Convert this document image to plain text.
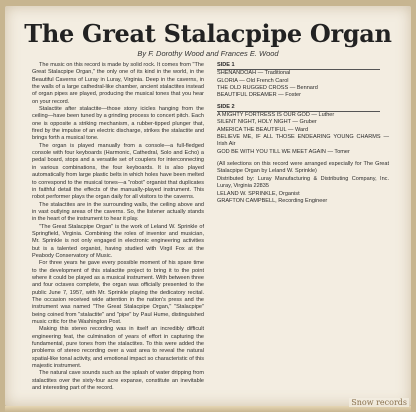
The Great Stalacpipe Organ
By F. Dorothy Wood and Frances E. Wood

The music on this record is made by solid rock. It comes from "The Great Stalacpipe Organ," the only one of its kind in the world, in the Beautiful Caverns of Luray in Luray, Virginia. Deep in the caverns, in the walls of a large cathedral-like chamber, ancient stalactites instead of organ pipes are played, producing the musical tones that you hear on your record.

Stalactite after stalactite—those stony icicles hanging from the ceiling—have been tuned by a grinding process to concert pitch. Each one is opposite a striking mechanism, a rubber-tipped plunger that, fired by the impulse of an electric discharge, strikes the stalactite and brings forth a musical tone.

The organ is played manually from a console—a full-fledged console with four keyboards (Harmonic, Cathedral, Solo and Echo) a pedal board, stops and a versatile set of couplers for interconnecting in various combinations, the four keyboards. It is also played automatically from large plastic belts in which holes have been melted to correspond to the musical tones—a "robot" organist that duplicates in faithful detail the effects of the manually-played instrument. This robot performer plays the organ daily for all visitors to the caverns.

The stalactites are in the surrounding walls, the ceiling above and in vast outlying areas of the caverns. So, the listener actually stands in the heart of the instrument to hear it play.

"The Great Stalacpipe Organ" is the work of Leland W. Sprinkle of Springfield, Virginia. Combining the roles of inventor and musician, Mr. Sprinkle is not only engaged in electronic engineering activities but is a talented organist, having studied with Virgil Fox at the Peabody Conservatory of Music.

For three years he gave every possible moment of his spare time to the development of this stalactite project to bring it to the point where it could be played as a musical instrument. With between three and four octaves complete, the organ was officially presented to the public June 7, 1957, with Mr. Sprinkle playing the dedicatory recital. The occasion received wide attention in the nation's press and the instrument was named "The Great Stalacpipe Organ," "Stalacpipe" being coined from "stalactite" and "pipe" by Paul Hume, distinguished music critic for the Washington Post.

Making this stereo recording was in itself an incredibly difficult engineering feat, the culmination of years of effort in capturing the fundamental, pure tones from the stalactites. To this were added the problems of stereo recording over a vast area to reveal the natural spatial-like tonal activity, and emotional impact so characteristic of this majestic instrument.

The natural cave sounds such as the splash of water dripping from stalactites over the sixty-four acre expanse, constitute an inevitable and interesting part of the record.

SIDE 1
SHENANDOAH — Traditional
GLORIA — Old French Carol
THE OLD RUGGED CROSS — Bennard
BEAUTIFUL DREAMER — Foster
SIDE 2
A MIGHTY FORTRESS IS OUR GOD — Luther
SILENT NIGHT, HOLY NIGHT — Gruber
AMERICA THE BEAUTIFUL — Ward
BELIEVE ME, IF ALL THOSE ENDEARING YOUNG CHARMS — Irish Air
GOD BE WITH YOU TILL WE MEET AGAIN — Tomer

(All selections on this record were arranged especially for The Great Stalacpipe Organ by Leland W. Sprinkle)

Distributed by: Luray Manufacturing & Distributing Company, Inc. Luray, Virginia 22835

LELAND W. SPRINKLE, Organist

GRAFTON CAMPBELL, Recording Engineer

Snow records
